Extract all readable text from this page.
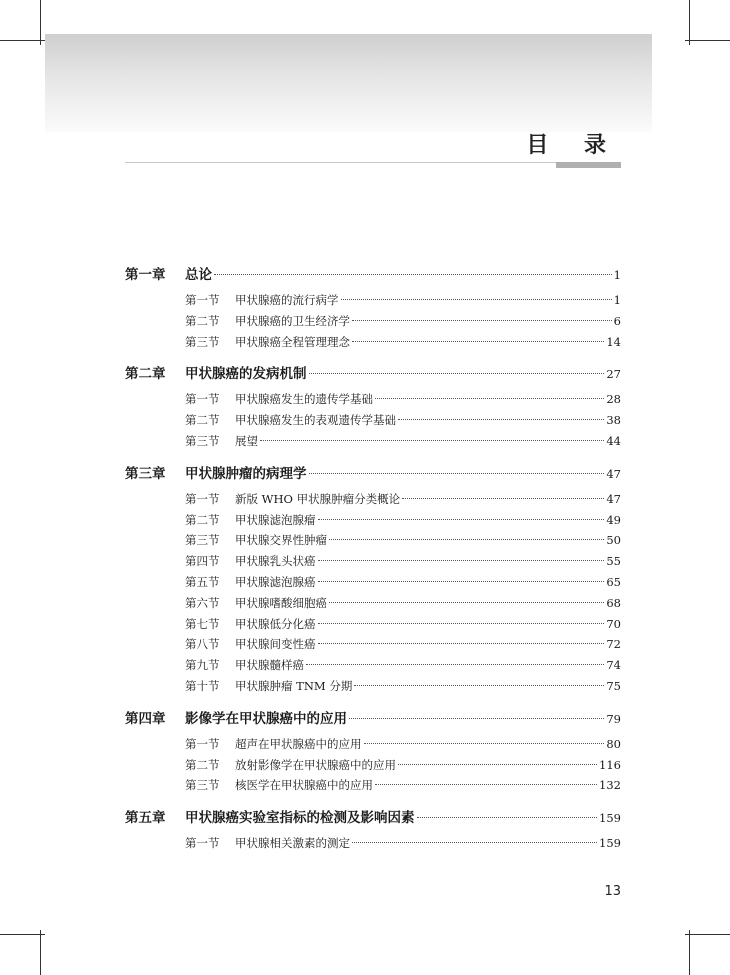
目 录
第一章	总论	1
第一节	甲状腺癌的流行病学	1
第二节	甲状腺癌的卫生经济学	6
第三节	甲状腺癌全程管理理念	14
第二章	甲状腺癌的发病机制	27
第一节	甲状腺癌发生的遗传学基础	28
第二节	甲状腺癌发生的表观遗传学基础	38
第三节	展望	44
第三章	甲状腺肿瘤的病理学	47
第一节	新版 WHO 甲状腺肿瘤分类概论	47
第二节	甲状腺滤泡腺瘤	49
第三节	甲状腺交界性肿瘤	50
第四节	甲状腺乳头状癌	55
第五节	甲状腺滤泡腺癌	65
第六节	甲状腺嗜酸细胞癌	68
第七节	甲状腺低分化癌	70
第八节	甲状腺间变性癌	72
第九节	甲状腺髓样癌	74
第十节	甲状腺肿瘤 TNM 分期	75
第四章	影像学在甲状腺癌中的应用	79
第一节	超声在甲状腺癌中的应用	80
第二节	放射影像学在甲状腺癌中的应用	116
第三节	核医学在甲状腺癌中的应用	132
第五章	甲状腺癌实验室指标的检测及影响因素	159
第一节	甲状腺相关激素的测定	159
13
